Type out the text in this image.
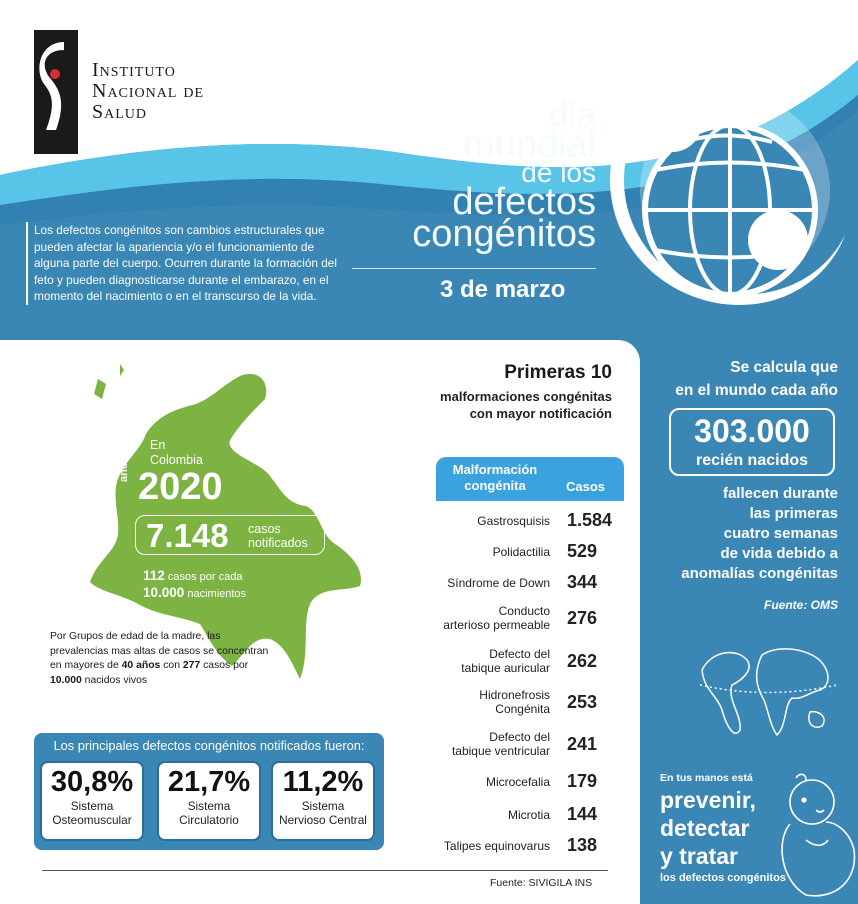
Instituto
Nacional de
Salud	día
mundial
de los
defectos
congénitos
3 de marzo
Los defectos congénitos son cambios estructurales que pueden afectar la apariencia y/o el funcionamiento de alguna parte del cuerpo. Ocurren durante la formación del feto y pueden diagnosticarse durante el embarazo, en el momento del nacimiento o en el transcurso de la vida.
En
Colombia
año 2020
7.148 casos
notificados
112 casos por cada
10.000 nacimientos
Por Grupos de edad de la madre, las prevalencias mas altas de casos se concentran en mayores de 40 años con 277 casos por 10.000 nacidos vivos
Los principales defectos congénitos notificados fueron:
30,8%
Sistema
Osteomuscular
21,7%
Sistema
Circulatorio
11,2%
Sistema
Nervioso Central
Primeras 10
malformaciones congénitas
con mayor notificación
Malformación
congénita	Casos
Gastrosquisis 1.584
Polidactilia 529
Síndrome de Down 344
Conducto
arterioso permeable 276
Defecto del
tabique auricular 262
Hidronefrosis
Congénita 253
Defecto del
tabique ventricular 241
Microcefalia 179
Microtia 144
Talipes equinovarus 138
Fuente: SIVIGILA INS
Se calcula que
en el mundo cada año
303.000
recién nacidos
fallecen durante
las primeras
cuatro semanas
de vida debido a
anomalías congénitas
Fuente: OMS
En tus manos está
prevenir,
detectar
y tratar
los defectos congénitos
